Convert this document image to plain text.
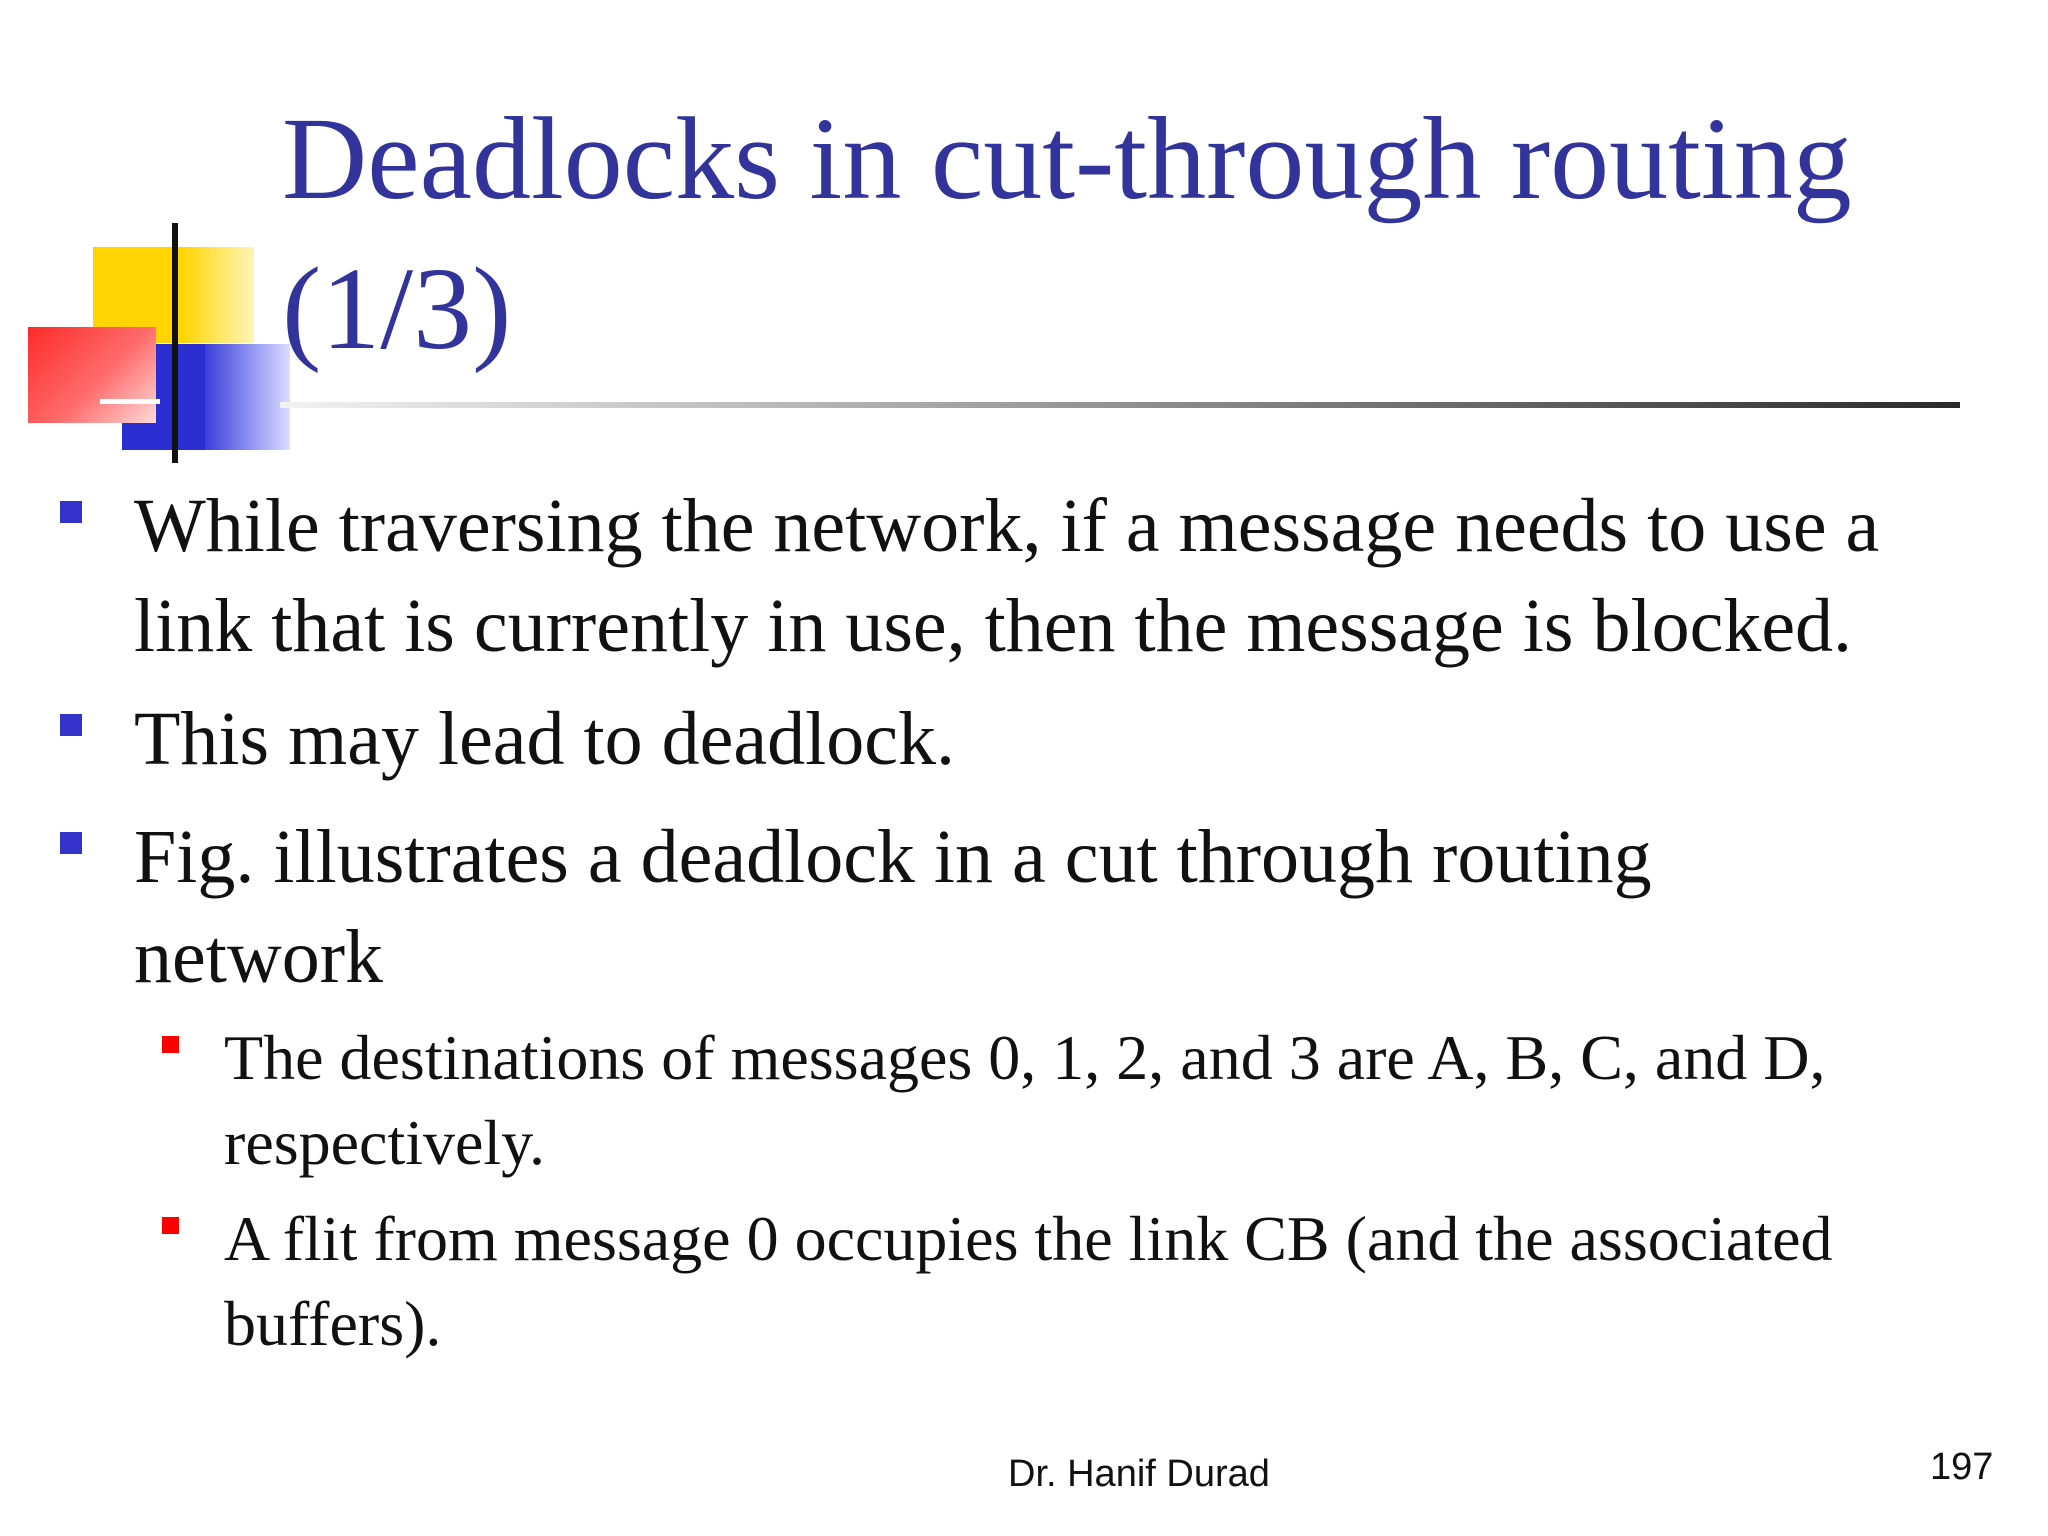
Deadlocks in cut-through routing
(1/3)
While traversing the network, if a message needs to use a
link that is currently in use, then the message is blocked.
This may lead to deadlock.
Fig. illustrates a deadlock in a cut through routing
network
The destinations of messages 0, 1, 2, and 3 are A, B, C, and D,
respectively.
A flit from message 0 occupies the link CB (and the associated
buffers).
Dr. Hanif Durad	197
